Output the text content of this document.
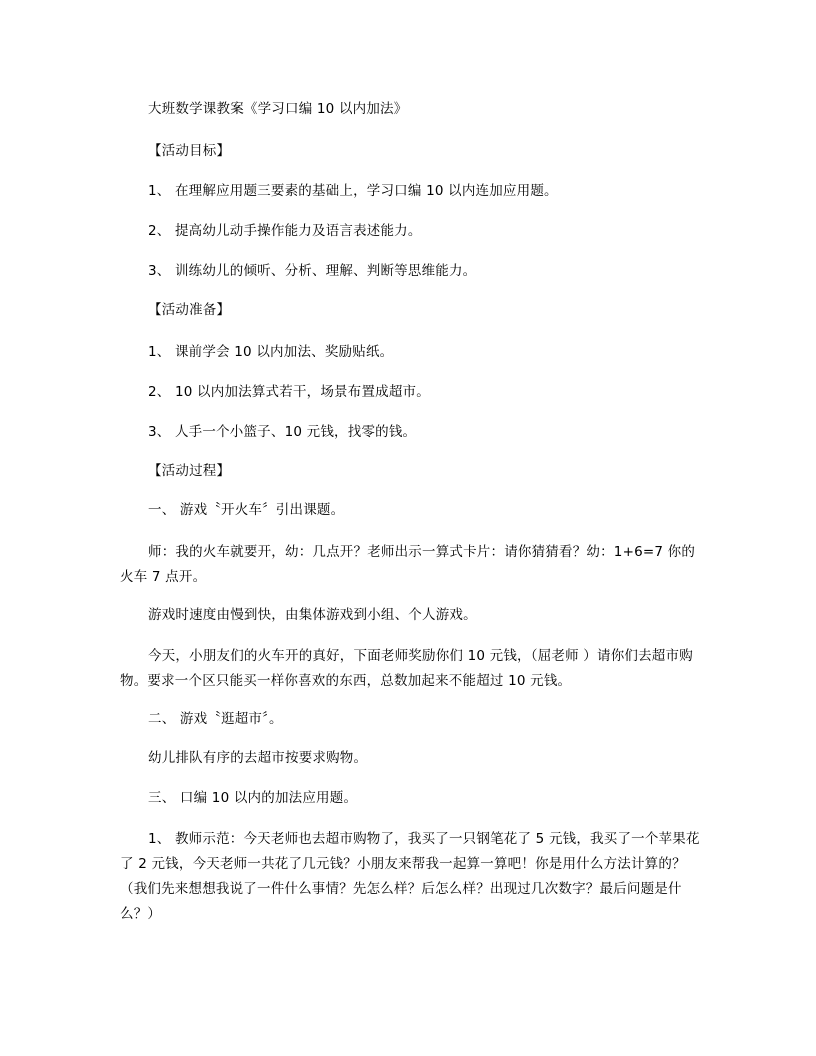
大班数学课教案《学习口编 10 以内加法》
【活动目标】
1、 在理解应用题三要素的基础上，学习口编 10 以内连加应用题。
2、 提高幼儿动手操作能力及语言表述能力。
3、 训练幼儿的倾听、分析、理解、判断等思维能力。
【活动准备】
1、 课前学会 10 以内加法、奖励贴纸。
2、 10 以内加法算式若干，场景布置成超市。
3、 人手一个小篮子、10 元钱，找零的钱。
【活动过程】
一、 游戏〝开火车〞引出课题。
师：我的火车就要开，幼：几点开？老师出示一算式卡片：请你猜猜看？幼：1+6=7 你的火车 7 点开。
游戏时速度由慢到快，由集体游戏到小组、个人游戏。
今天，小朋友们的火车开的真好，下面老师奖励你们 10 元钱，（屈老师 ）请你们去超市购物。要求一个区只能买一样你喜欢的东西，总数加起来不能超过 10 元钱。
二、 游戏〝逛超市〞。
幼儿排队有序的去超市按要求购物。
三、 口编 10 以内的加法应用题。
1、 教师示范：今天老师也去超市购物了，我买了一只钢笔花了 5 元钱，我买了一个苹果花了 2 元钱，今天老师一共花了几元钱？小朋友来帮我一起算一算吧！你是用什么方法计算的？（我们先来想想我说了一件什么事情？先怎么样？后怎么样？出现过几次数字？最后问题是什么？）
